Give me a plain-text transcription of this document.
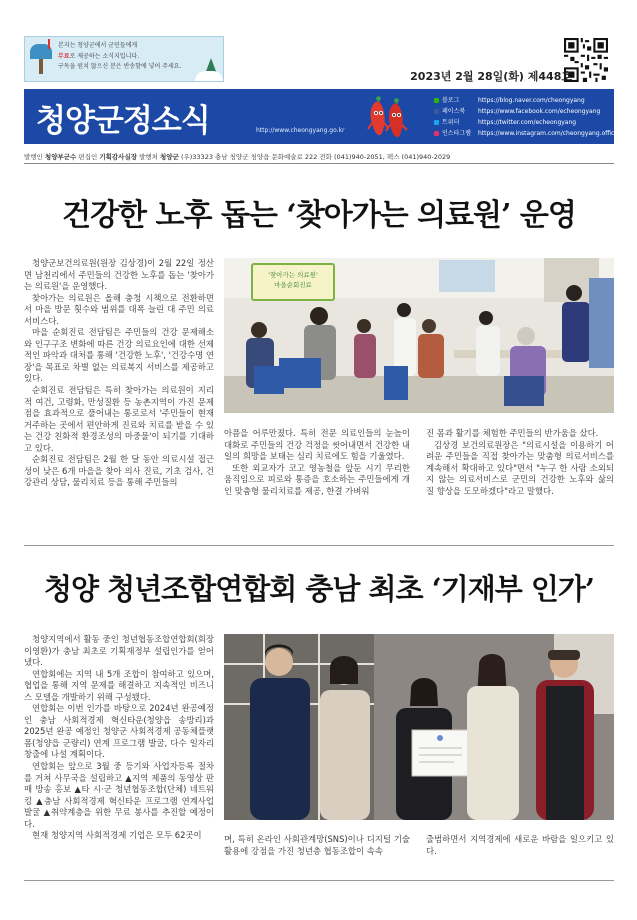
본지는 청양군에서 군민들에게
무료로 제공하는 소식지입니다.
구독을 원치 않으신 분은 반송함에 넣어 주세요.
2023년 2월 28일(화) 제448호
청양군정소식	http://www.cheongyang.go.kr
블로그	https://blog.naver.com/cheongyang
페이스북 https://www.facebook.com/echeongyang
트위터	https://twitter.com/echeongyang
인스타그램 https://www.instagram.com/cheongyang.official
발행인 청양부군수 편집인 기획감사실장 발행처 청양군 (우)33323 충남 청양군 청양읍 문화예술로 222 전화 (041)940-2051, 팩스 (041)940-2029
건강한 노후 돕는 ‘찾아가는 의료원’ 운영

청양군보건의료원(원장 김상경)이 2월 22일 정산면 남천리에서 주민들의 건강한 노후를 돕는 '찾아가는 의료원'을 운영했다.

찾아가는 의료원은 올해 충청 시책으로 전환하면서 마을 방문 횟수와 범위를 대폭 늘린 대 주민 의료서비스다.

마을 순회진료 전담팀은 주민들의 건강 문제해소와 인구구조 변화에 따른 건강 의료요인에 대한 선제적인 파악과 대처를 통해 '건강한 노후', '건강수명 연장'을 목표로 차별 없는 의료복지 서비스를 제공하고 있다.

순회진료 전담팀은 특히 찾아가는 의료원이 지리적 여건, 고령화, 만성질환 등 농촌지역이 가진 문제점을 효과적으로 풀어내는 통로로서 '주민들이 현재 거주하는 곳에서 편안하게 진료와 치료를 받을 수 있는 건강 친화적 환경조성의 마중물'이 되기를 기대하고 있다.

순회진료 전담팀은 2월 한 달 동안 의료시설 접근성이 낮은 6개 마을을 찾아 의사 진료, 기초 검사, 건강관리 상담, 물리치료 등을 통해 주민들의

'찾아가는 의료원' 마을순회진료

아픔을 어루만졌다. 특히 전문 의료인들의 눈높이 대화로 주민들의 건강 걱정을 씻어내면서 건강한 내일의 희망을 보태는 심리 치료에도 힘을 기울였다.

또한 외교자가 코고 영농철을 앞둔 시기 무리한 움직임으로 피로와 통증을 호소하는 주민들에게 개인 맞춤형 물리치료를 제공, 한결 가벼워

진 몸과 활기를 체험한 주민들의 반가움을 샀다.

김상경 보건의료원장은 "의료시설을 이용하기 어려운 주민들을 직접 찾아가는 맞춤형 의료서비스를 계속해서 확대하고 있다"면서 "누구 한 사람 소외되지 않는 의료서비스로 군민의 건강한 노후와 삶의 질 향상을 도모하겠다"라고 말했다.

청양 청년조합연합회 충남 최초 ‘기재부 인가’

청양지역에서 활동 중인 청년협동조합연합회(회장 이영환)가 충남 최초로 기획재정부 설립인가를 얻어냈다.

연합회에는 지역 내 5개 조합이 참여하고 있으며, 협업을 통해 지역 문제를 해결하고 지속적인 비즈니스 모델을 개발하기 위해 구성됐다.

연합회는 이번 인가를 바탕으로 2024년 완공예정인 충남 사회적경제 혁신타운(청양읍 송방리)과 2025년 완공 예정인 청양군 사회적경제 공동체플랫폼(청양읍 군량리) 연계 프로그램 발굴, 다수 일자리 창출에 나설 계획이다.

연합회는 앞으로 3월 중 등기와 사업자등록 절차를 거쳐 사무국을 설립하고 ▲지역 제품의 동영상 판매 방송 홍보 ▲타 시·군 청년협동조합(단체) 네트워킹 ▲충남 사회적경제 혁신타운 프로그램 연계사업 발굴 ▲취약계층을 위한 무료 봉사를 추진할 예정이다.

현재 청양지역 사회적경제 기업은 모두 62곳이	며, 특히 온라인 사회관계망(SNS)이나 디지털 기술 활용에 강점을 가진 청년층 협동조합이 속속

출범하면서 지역경제에 새로운 바람을 일으키고 있다.
